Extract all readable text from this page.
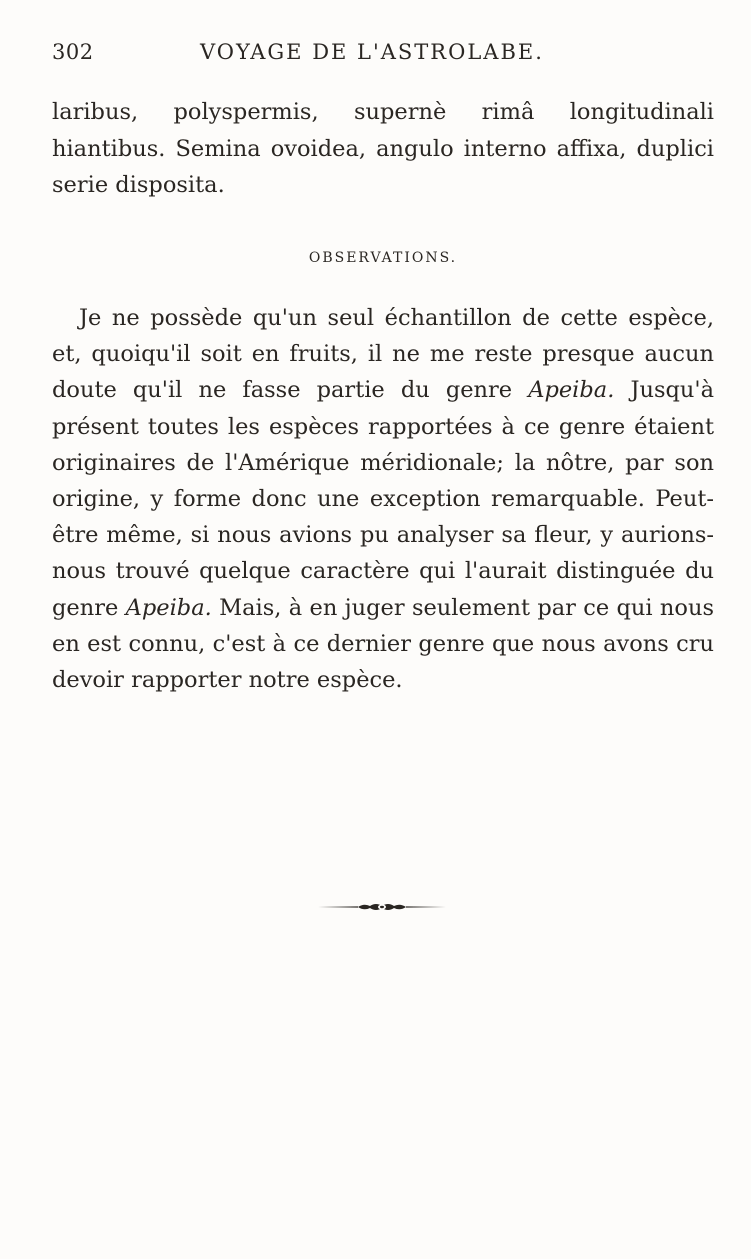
302	VOYAGE DE L'ASTROLABE.

laribus, polyspermis, supernè rimâ longitudinali hiantibus. Semina ovoidea, angulo interno affixa, duplici serie disposita.

OBSERVATIONS.

Je ne possède qu'un seul échantillon de cette espèce, et, quoiqu'il soit en fruits, il ne me reste presque aucun doute qu'il ne fasse partie du genre Apeiba. Jusqu'à présent toutes les espèces rapportées à ce genre étaient originaires de l'Amérique méridionale; la nôtre, par son origine, y forme donc une exception remarquable. Peut-être même, si nous avions pu analyser sa fleur, y aurions-nous trouvé quelque caractère qui l'aurait distinguée du genre Apeiba. Mais, à en juger seulement par ce qui nous en est connu, c'est à ce dernier genre que nous avons cru devoir rapporter notre espèce.
